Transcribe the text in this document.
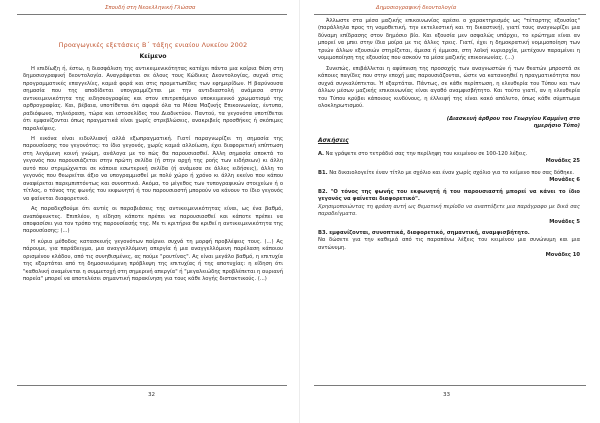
Σπουδή στη Νεοελληνική Γλώσσα
Προαγωγικές εξετάσεις Β΄ τάξης ενιαίου Λυκείου 2002
Κείμενο

Η επιδίωξη ή, έστω, η διασφάλιση της αντικειμενικότητας κατέχει πάντα μια καίρια θέση στη δημοσιογραφική δεοντολογία. Αναγράφεται σε όλους τους Κώδικες Δεοντολογίας, συχνά στις προγραμματικές επαγγελίες, καμιά φορά και στις προμετωπίδες των εφημερίδων. Η βαρύνουσα σημασία που της αποδίδεται υπογραμμίζεται με την αντιδιαστολή ανάμεσα στην αντικειμενικότητα της ειδησεογραφίας και στον επιτρεπόμενο υποκειμενικό χρωματισμό της αρθρογραφίας. Και, βέβαια, υποτίθεται ότι αφορά όλα τα Μέσα Μαζικής Επικοινωνίας, έντυπα, ραδιόφωνο, τηλεόραση, τώρα και ιστοσελίδες του Διαδικτύου. Παντού, τα γεγονότα υποτίθεται ότι εμφανίζονται όπως πραγματικά είναι χωρίς στρεβλώσεις, ανακριβείς προσθήκες ή σκόπιμες παραλείψεις.

Η εικόνα είναι ειδυλλιακή αλλά εξωπραγματική. Γιατί παραγνωρίζει τη σημασία της παρουσίασης του γεγονότος: το ίδιο γεγονός, χωρίς καμιά αλλοίωση, έχει διαφορετική επίπτωση στη λεγόμενη κοινή γνώμη, ανάλογα με το πώς θα παρουσιασθεί. Άλλη σημασία αποκτά το γεγονός που παρουσιάζεται στην πρώτη σελίδα (ή στην αρχή της ροής των ειδήσεων) κι άλλη αυτό που στριμώχνεται σε κάποια εσωτερική σελίδα (ή ανάμεσα σε άλλες ειδήσεις), άλλη το γεγονός που θεωρείται άξιο να υπογραμμισθεί με πολύ χώρο ή χρόνο κι άλλη εκείνο που κάπου αναφέρεται παρεμπιπτόντως και συνοπτικά. Ακόμα, το μέγεθος των τυπογραφικών στοιχείων ή ο τίτλος, ο τόνος της φωνής του εκφωνητή ή του παρουσιαστή μπορούν να κάνουν το ίδιο γεγονός να φαίνεται διαφορετικό.

Ας παραδεχθούμε ότι αυτές οι παραβιάσεις της αντικειμενικότητας είναι, ως ένα βαθμό, αναπόφευκτες. Επιπλέον, η είδηση κάποτε πρέπει να παρουσιασθεί και κάποτε πρέπει να αποφασίσει για τον τρόπο της παρουσίασής της. Με τι κριτήρια θα κριθεί η αντικειμενικότητα της παρουσίασης; (...)

Η κύρια μέθοδος κατασκευής γεγονότων παίρνει συχνά τη μορφή προβλέψεις τους. (...) Ας πάρουμε, για παράδειγμα, μια αναγγελλόμενη απεργία ή μια αναγγελλόμενη παρέλαση κάποιου ορισμένου κλάδου, από τις συνηθισμένες, ας πούμε "ρουτίνας". Ας είναι μεγάλο βαθμό, η επιτυχία της εξαρτάται από τη δημοσιευόμενη πρόβλεψη της επιτυχίας ή της αποτυχίας: η είδηση ότι "καθολική αναμένεται η συμμετοχή στη σημερινή απεργία" ή "μεγαλειώδης προβλέπεται η αυριανή πορεία" μπορεί να αποτελέσει σημαντική παρακίνηση για τους κάθε λογής διστακτικούς. (...)

32
Δημοσιογραφική δεοντολογία

Άλλωστε στα μέσα μαζικής επικοινωνίας αρέσει ο χαρακτηρισμός ως "τέταρτης εξουσίας" (παράλληλα προς τη νομοθετική, την εκτελεστική και τη δικαστική), γιατί τους αναγνωρίζει μια δύναμη επίδρασης στον δημόσιο βίο. Και εξουσία μεν ασφαλώς υπάρχει, το ερώτημα είναι αν μπορεί να μπει στην ίδια μοίρα με τις άλλες τρεις. Γιατί, έχει η δημοκρατική νομιμοποίηση των τριών άλλων εξουσιών στηρίζεται, άμεσα ή έμμεσα, στη λαϊκή κυριαρχία, μετέχουν παραμένει η νομιμοποίηση της εξουσίας που ασκούν τα μέσα μαζικής επικοινωνίας. (...)

Συνεπώς, επιβάλλεται η αφύπνιση της προσοχής των αναγνωστών ή των θεατών μπροστά σε κάποιες παγίδες που στην εποχή μας παρουσιάζονται, ώστε να κατανοηθεί η πραγματικότητα που συχνά συγκαλύπτεται. Ή εξαρτάται. Πάντως, σε κάθε περίπτωση, η ελευθερία του Τύπου και των άλλων μέσων μαζικής επικοινωνίας είναι αγαθό αναμφισβήτητο. Και τούτο γιατί, αν η ελευθερία του Τύπου κρύβει κάποιους κινδύνους, η έλλειψή της είναι κακό απόλυτο, όπως κάθε σύμπτωμα ολοκληρωτισμού.

(Διασκευή άρθρου του Γεωργίου Καμμίνη στο
ημερήσιο Τύπο)
Ασκήσεις
Α. Να γράψετε στο τετράδιό σας την περίληψη του κειμένου σε 100-120 λέξεις.
Μονάδες 25
Β1. Να δικαιολογείτε έναν τίτλο με σχόλιο και έναν χωρίς σχόλιο για το κείμενο που σας δόθηκε.
Μονάδες 6
Β2. "Ο τόνος της φωνής του εκφωνητή ή του παρουσιαστή μπορεί να κάνει το ίδιο γεγονός να φαίνεται διαφορετικό".
Χρησιμοποιώντας τη φράση αυτή ως θεματική περίοδο να αναπτύξετε μια παράγραφο με δικά σας παραδείγματα.
Μονάδες 5
Β3. εμφανίζονται, συνοπτικά, διαφορετικό, σημαντική, αναμφισβήτητο.
Να δώσετε για την καθεμιά από τις παραπάνω λέξεις του κειμένου μια συνώνυμη και μια αντώνυμη.
Μονάδες 10
33
